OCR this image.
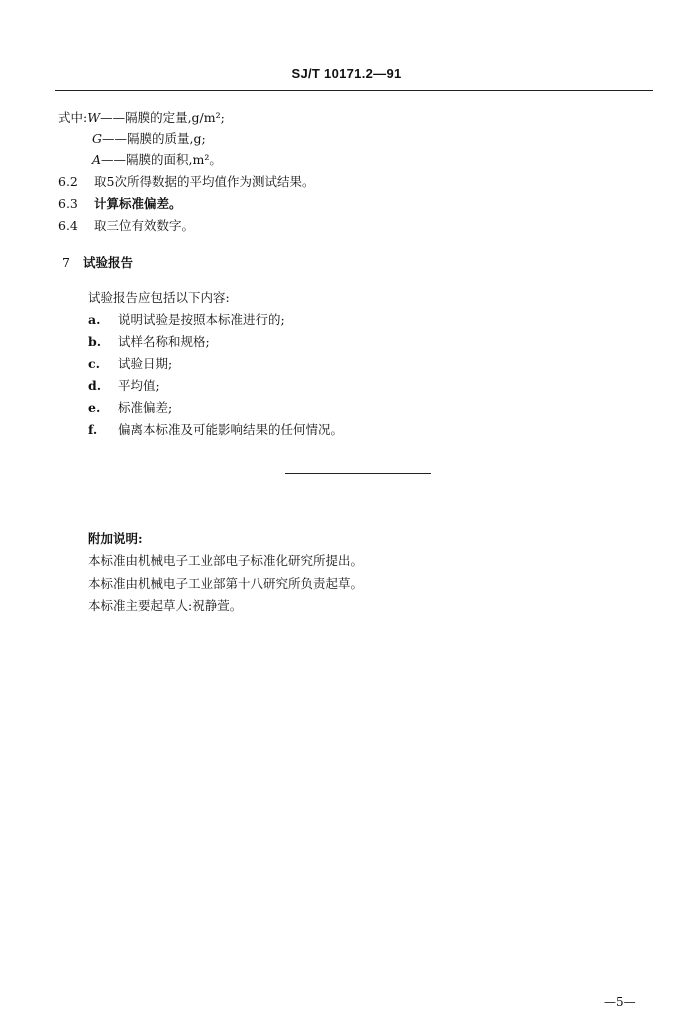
SJ/T 10171.2—91
式中:W——隔膜的定量,g/m²;
G——隔膜的质量,g;
A——隔膜的面积,m²。
6.2 取5次所得数据的平均值作为测试结果。
6.3 计算标准偏差。
6.4 取三位有效数字。
7 试验报告
试验报告应包括以下内容:
a. 说明试验是按照本标准进行的;
b. 试样名称和规格;
c. 试验日期;
d. 平均值;
e. 标准偏差;
f. 偏离本标准及可能影响结果的任何情况。
附加说明:
本标准由机械电子工业部电子标准化研究所提出。
本标准由机械电子工业部第十八研究所负责起草。
本标准主要起草人:祝静萱。
—5—
